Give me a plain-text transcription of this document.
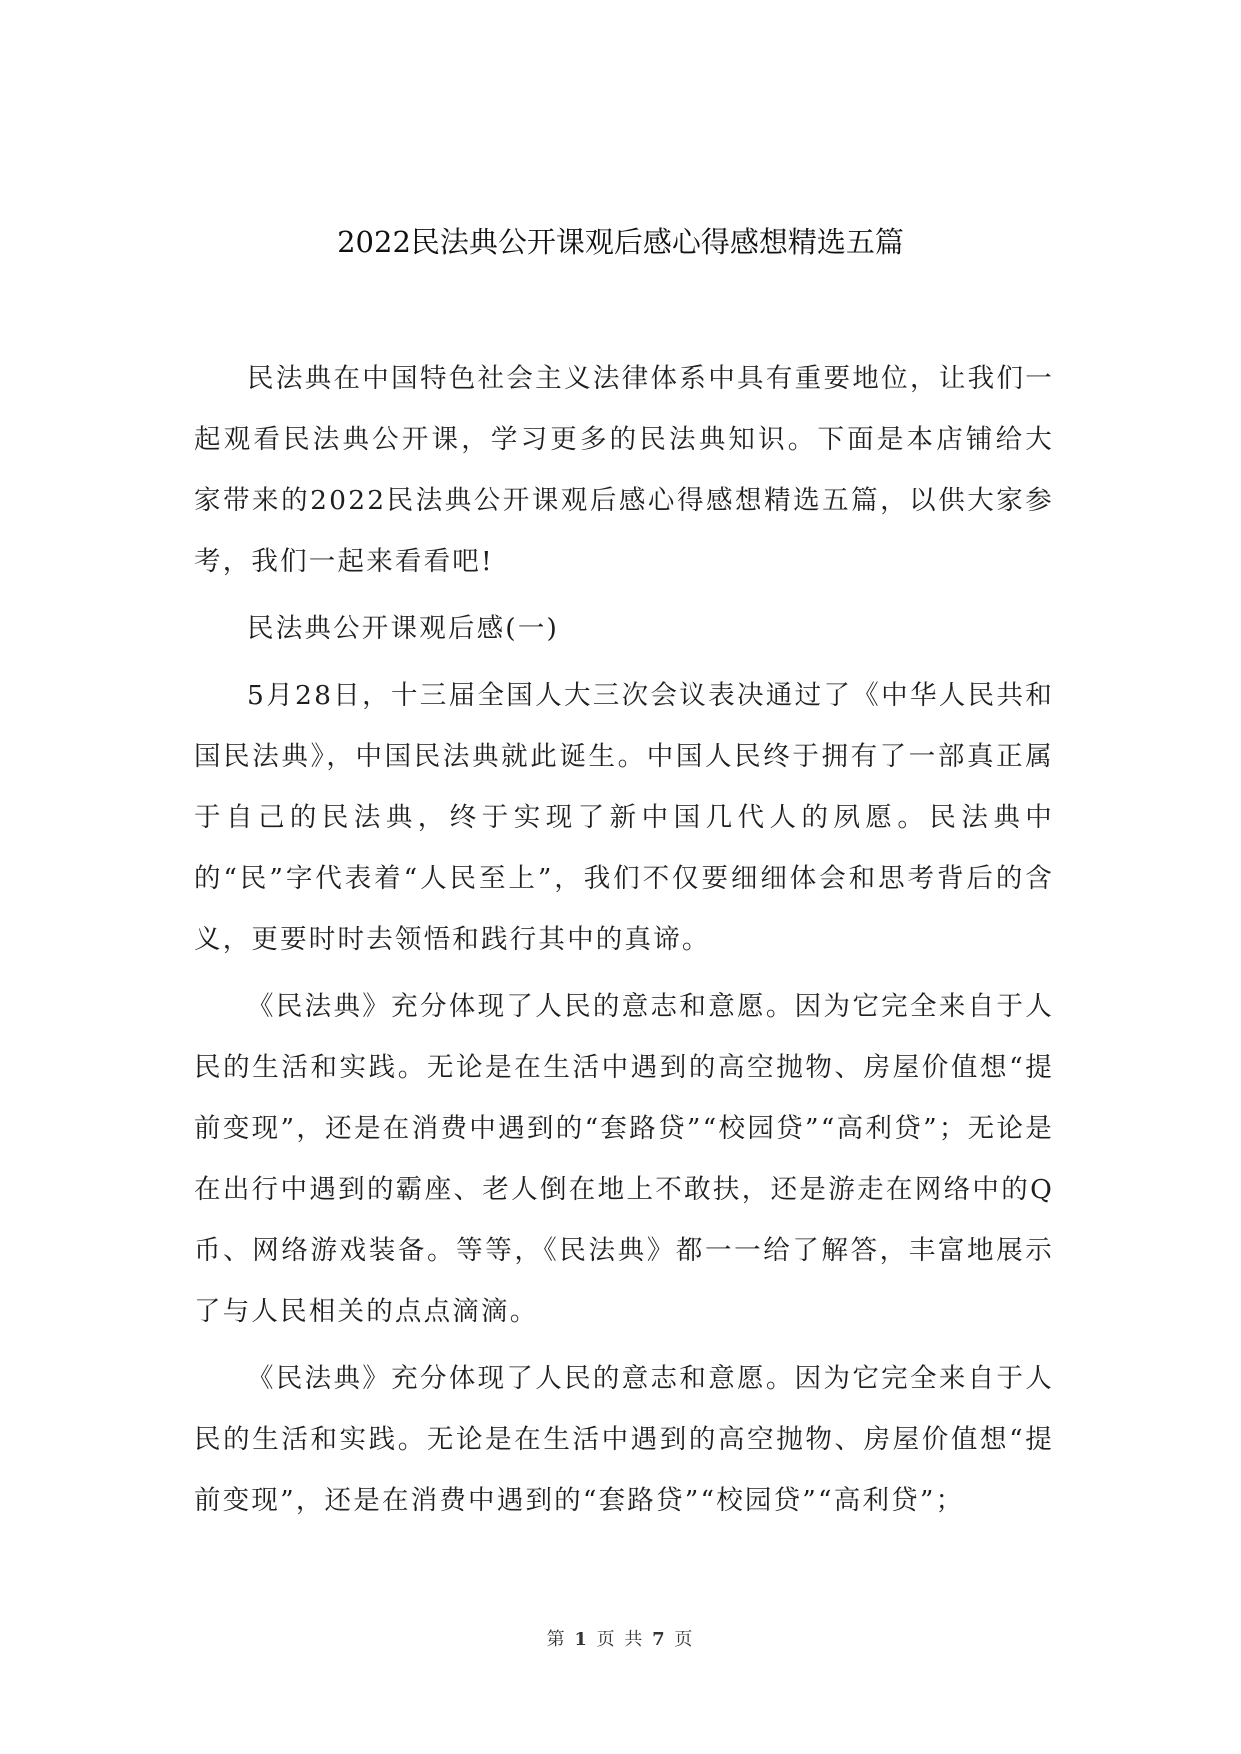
2022民法典公开课观后感心得感想精选五篇

民法典在中国特色社会主义法律体系中具有重要地位，让我们一起观看民法典公开课，学习更多的民法典知识。下面是本店铺给大家带来的2022民法典公开课观后感心得感想精选五篇，以供大家参考，我们一起来看看吧!

民法典公开课观后感(一)

5月28日，十三届全国人大三次会议表决通过了《中华人民共和国民法典》，中国民法典就此诞生。中国人民终于拥有了一部真正属于自己的民法典，终于实现了新中国几代人的夙愿。民法典中的“民”字代表着“人民至上”，我们不仅要细细体会和思考背后的含义，更要时时去领悟和践行其中的真谛。

《民法典》充分体现了人民的意志和意愿。因为它完全来自于人民的生活和实践。无论是在生活中遇到的高空抛物、房屋价值想“提前变现”，还是在消费中遇到的“套路贷”“校园贷”“高利贷”；无论是在出行中遇到的霸座、老人倒在地上不敢扶，还是游走在网络中的Q币、网络游戏装备。等等，《民法典》都一一给了解答，丰富地展示了与人民相关的点点滴滴。

《民法典》充分体现了人民的意志和意愿。因为它完全来自于人民的生活和实践。无论是在生活中遇到的高空抛物、房屋价值想“提前变现”，还是在消费中遇到的“套路贷”“校园贷”“高利贷”；

第 1 页 共 7 页
